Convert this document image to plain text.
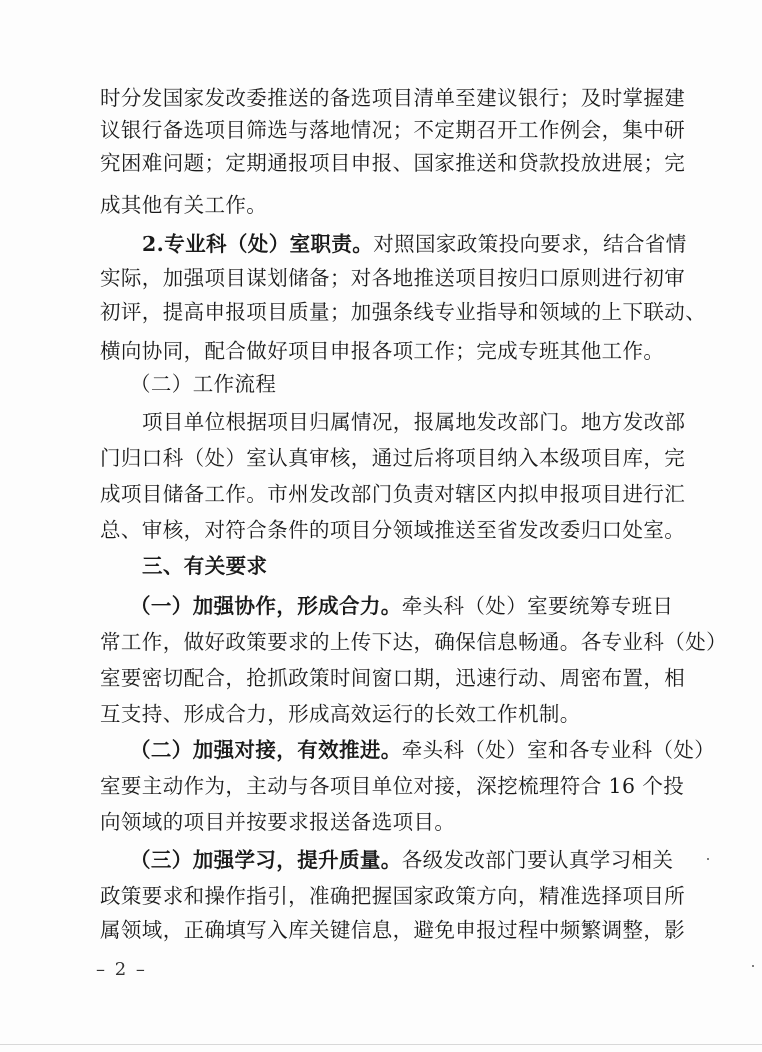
时分发国家发改委推送的备选项目清单至建议银行；及时掌握建
议银行备选项目筛选与落地情况；不定期召开工作例会，集中研
究困难问题；定期通报项目申报、国家推送和贷款投放进展；完
成其他有关工作。
2.专业科（处）室职责。 对照国家政策投向要求，结合省情
实际，加强项目谋划储备；对各地推送项目按归口原则进行初审
初评，提高申报项目质量；加强条线专业指导和领域的上下联动、
横向协同，配合做好项目申报各项工作；完成专班其他工作。
（二）工作流程
项目单位根据项目归属情况，报属地发改部门。地方发改部
门归口科（处）室认真审核，通过后将项目纳入本级项目库，完
成项目储备工作。市州发改部门负责对辖区内拟申报项目进行汇
总、审核，对符合条件的项目分领域推送至省发改委归口处室。
三、有关要求
（一）加强协作，形成合力。 牵头科（处）室要统筹专班日
常工作，做好政策要求的上传下达，确保信息畅通。各专业科（处）
室要密切配合，抢抓政策时间窗口期，迅速行动、周密布置，相
互支持、形成合力，形成高效运行的长效工作机制。
（二）加强对接，有效推进。 牵头科（处）室和各专业科（处）
室要主动作为，主动与各项目单位对接，深挖梳理符合 16 个投
向领域的项目并按要求报送备选项目。
（三）加强学习，提升质量。 各级发改部门要认真学习相关
政策要求和操作指引，准确把握国家政策方向，精准选择项目所
属领域，正确填写入库关键信息，避免申报过程中频繁调整，影
– 2 –
